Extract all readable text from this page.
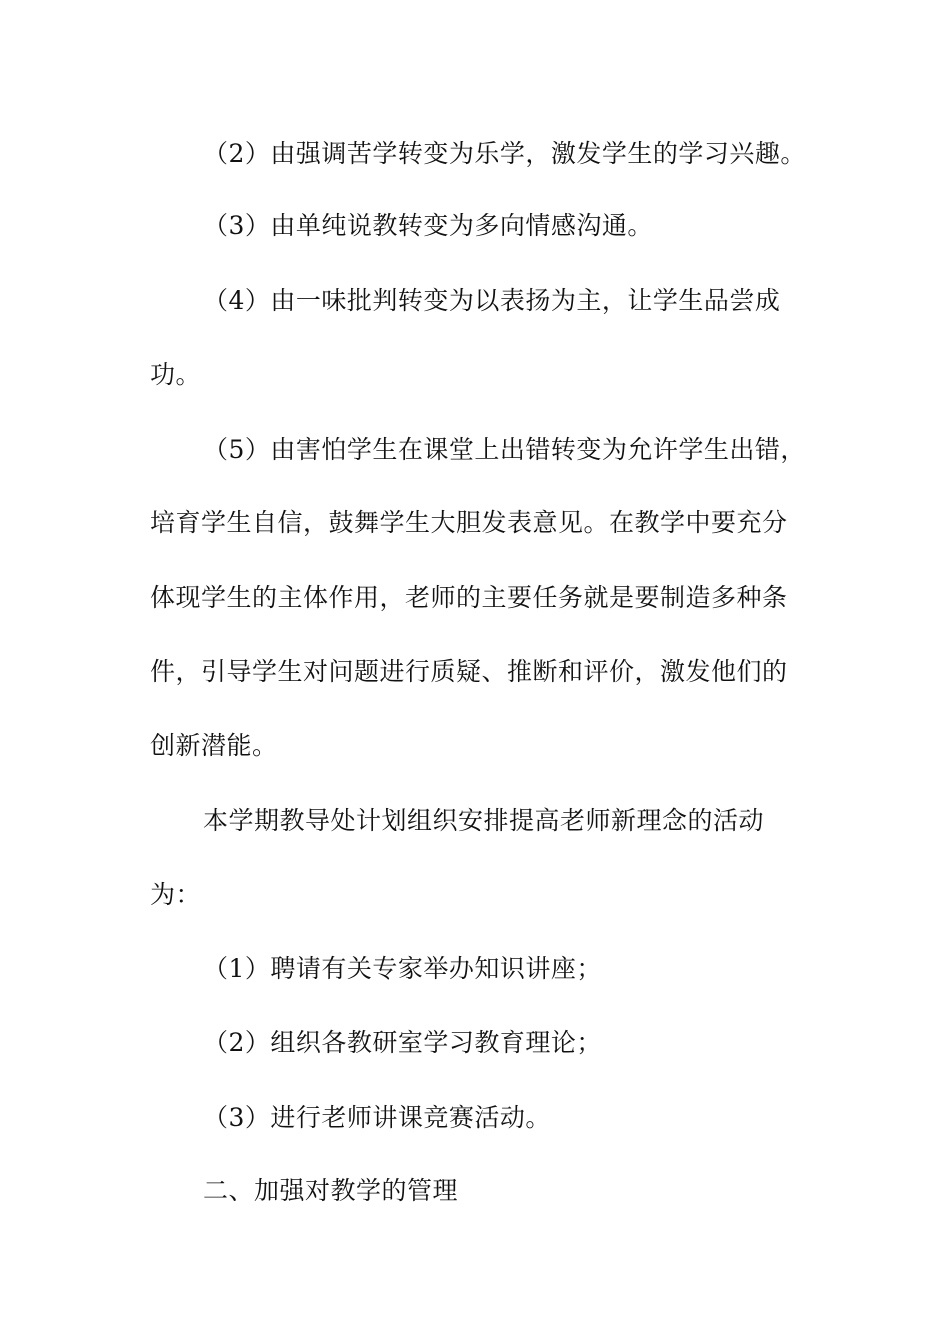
（2）由强调苦学转变为乐学，激发学生的学习兴趣。
（3）由单纯说教转变为多向情感沟通。
（4）由一味批判转变为以表扬为主，让学生品尝成
功。
（5）由害怕学生在课堂上出错转变为允许学生出错，
培育学生自信，鼓舞学生大胆发表意见。在教学中要充分
体现学生的主体作用，老师的主要任务就是要制造多种条
件，引导学生对问题进行质疑、推断和评价，激发他们的
创新潜能。
本学期教导处计划组织安排提高老师新理念的活动
为：
（1）聘请有关专家举办知识讲座；
（2）组织各教研室学习教育理论；
（3）进行老师讲课竞赛活动。
二、加强对教学的管理
